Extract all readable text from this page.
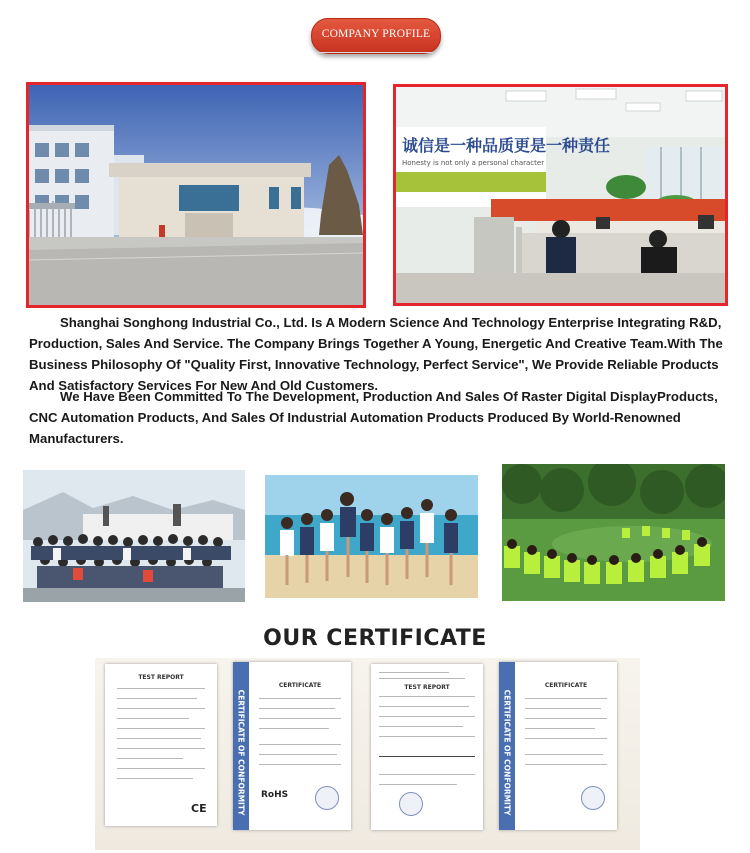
COMPANY PROFILE
诚信是一种品质更是一种责任
Honesty is not only a personal character

Shanghai Songhong Industrial Co., Ltd. Is A Modern Science And Technology Enterprise Integrating R&D,
Production, Sales And Service. The Company Brings Together A Young, Energetic And Creative Team.With The
Business Philosophy Of "Quality First, Innovative Technology, Perfect Service", We Provide Reliable Products
And Satisfactory Services For New And Old Customers.

We Have Been Committed To The Development, Production And Sales Of Raster Digital DisplayProducts,
CNC Automation Products, And Sales Of Industrial Automation Products Produced By World-Renowned
Manufacturers.

OUR CERTIFICATE
TEST REPORT
CE	CERTIFICATE OF CONFORMITY
CERTIFICATE
RoHS
TEST REPORT
CERTIFICATE OF CONFORMITY
CERTIFICATE
